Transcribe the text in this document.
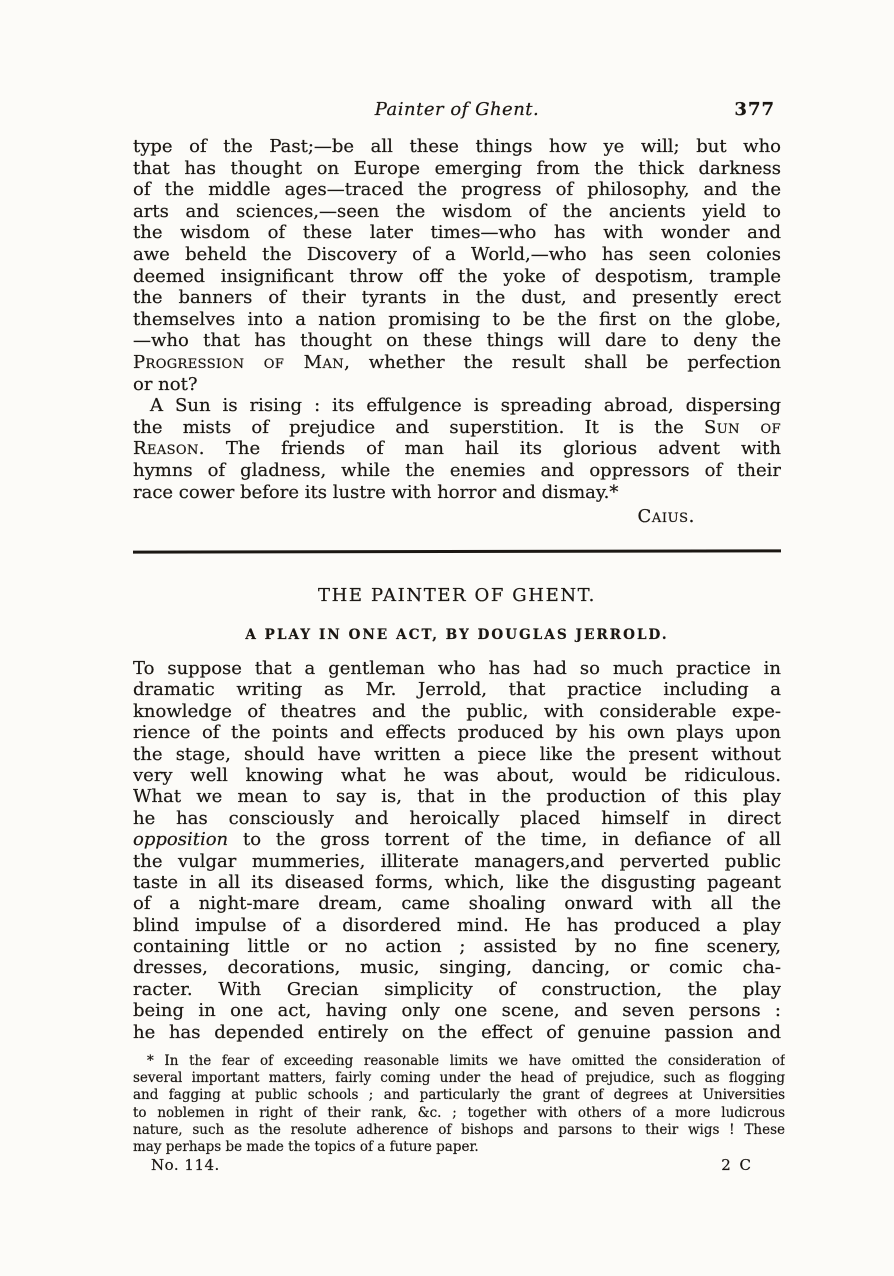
Painter of Ghent.	377
type of the Past;—be all these things how ye will; but who
that has thought on Europe emerging from the thick darkness
of the middle ages—traced the progress of philosophy, and the
arts and sciences,—seen the wisdom of the ancients yield to
the wisdom of these later times—who has with wonder and
awe beheld the Discovery of a World,—who has seen colonies
deemed insignificant throw off the yoke of despotism, trample
the banners of their tyrants in the dust, and presently erect
themselves into a nation promising to be the first on the globe,
—who that has thought on these things will dare to deny the
Progression of Man, whether the result shall be perfection
or not?
A Sun is rising : its effulgence is spreading abroad, dispersing
the mists of prejudice and superstition. It is the Sun of
Reason. The friends of man hail its glorious advent with
hymns of gladness, while the enemies and oppressors of their
race cower before its lustre with horror and dismay.*
Caius.
THE PAINTER OF GHENT.
A PLAY IN ONE ACT, BY DOUGLAS JERROLD.
To suppose that a gentleman who has had so much practice in
dramatic writing as Mr. Jerrold, that practice including a
knowledge of theatres and the public, with considerable expe-
rience of the points and effects produced by his own plays upon
the stage, should have written a piece like the present without
very well knowing what he was about, would be ridiculous.
What we mean to say is, that in the production of this play
he has consciously and heroically placed himself in direct
opposition to the gross torrent of the time, in defiance of all
the vulgar mummeries, illiterate managers,and perverted public
taste in all its diseased forms, which, like the disgusting pageant
of a night-mare dream, came shoaling onward with all the
blind impulse of a disordered mind. He has produced a play
containing little or no action ; assisted by no fine scenery,
dresses, decorations, music, singing, dancing, or comic cha-
racter. With Grecian simplicity of construction, the play
being in one act, having only one scene, and seven persons :
he has depended entirely on the effect of genuine passion and
* In the fear of exceeding reasonable limits we have omitted the consideration of
several important matters, fairly coming under the head of prejudice, such as flogging
and fagging at public schools ; and particularly the grant of degrees at Universities
to noblemen in right of their rank, &c. ; together with others of a more ludicrous
nature, such as the resolute adherence of bishops and parsons to their wigs ! These
may perhaps be made the topics of a future paper.
No. 114.	2 C
